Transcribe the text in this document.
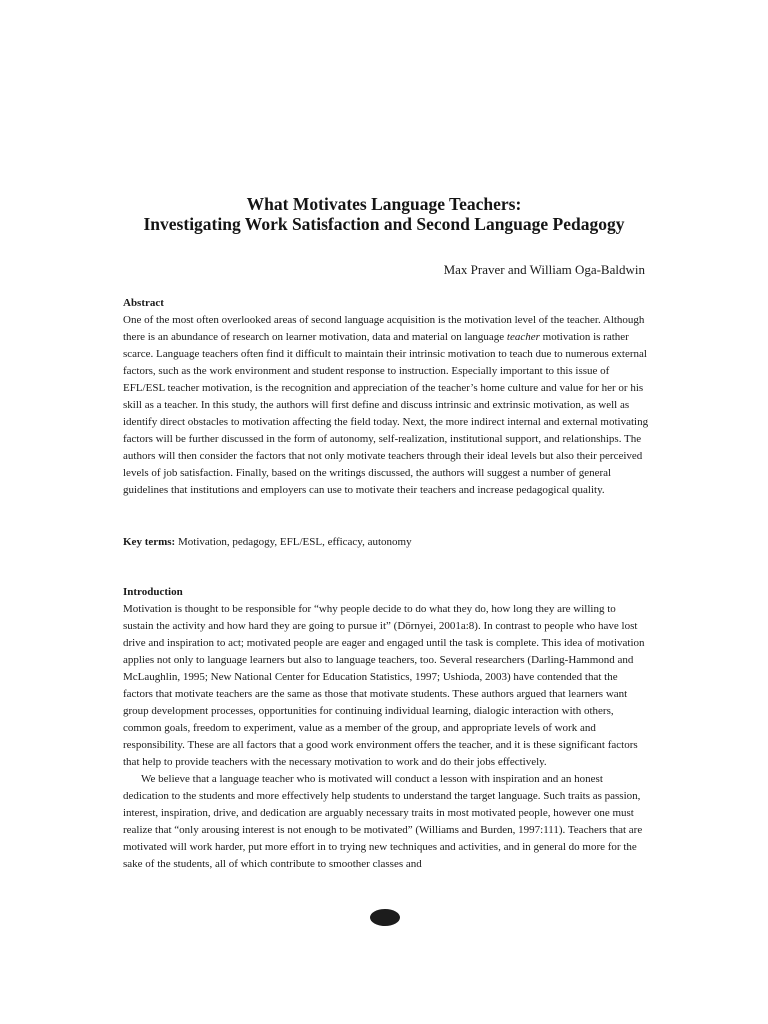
What Motivates Language Teachers:
Investigating Work Satisfaction and Second Language Pedagogy
Max Praver and William Oga-Baldwin
Abstract

One of the most often overlooked areas of second language acquisition is the motivation level of the teacher. Although there is an abundance of research on learner motivation, data and material on language teacher motivation is rather scarce. Language teachers often find it difficult to maintain their intrinsic motivation to teach due to numerous external factors, such as the work environment and student response to instruction. Especially important to this issue of EFL/ESL teacher motivation, is the recognition and appreciation of the teacher’s home culture and value for her or his skill as a teacher. In this study, the authors will first define and discuss intrinsic and extrinsic motivation, as well as identify direct obstacles to motivation affecting the field today. Next, the more indirect internal and external motivating factors will be further discussed in the form of autonomy, self-realization, institutional support, and relationships. The authors will then consider the factors that not only motivate teachers through their ideal levels but also their perceived levels of job satisfaction. Finally, based on the writings discussed, the authors will suggest a number of general guidelines that institutions and employers can use to motivate their teachers and increase pedagogical quality.

Key terms: Motivation, pedagogy, EFL/ESL, efficacy, autonomy

Introduction

Motivation is thought to be responsible for “why people decide to do what they do, how long they are willing to sustain the activity and how hard they are going to pursue it” (Dörnyei, 2001a:8). In contrast to people who have lost drive and inspiration to act; motivated people are eager and engaged until the task is complete. This idea of motivation applies not only to language learners but also to language teachers, too. Several researchers (Darling-Hammond and McLaughlin, 1995; New National Center for Education Statistics, 1997; Ushioda, 2003) have contended that the factors that motivate teachers are the same as those that motivate students. These authors argued that learners want group development processes, opportunities for continuing individual learning, dialogic interaction with others, common goals, freedom to experiment, value as a member of the group, and appropriate levels of work and responsibility. These are all factors that a good work environment offers the teacher, and it is these significant factors that help to provide teachers with the necessary motivation to work and do their jobs effectively.

We believe that a language teacher who is motivated will conduct a lesson with inspiration and an honest dedication to the students and more effectively help students to understand the target language. Such traits as passion, interest, inspiration, drive, and dedication are arguably necessary traits in most motivated people, however one must realize that “only arousing interest is not enough to be motivated” (Williams and Burden, 1997:111). Teachers that are motivated will work harder, put more effort in to trying new techniques and activities, and in general do more for the sake of the students, all of which contribute to smoother classes and
